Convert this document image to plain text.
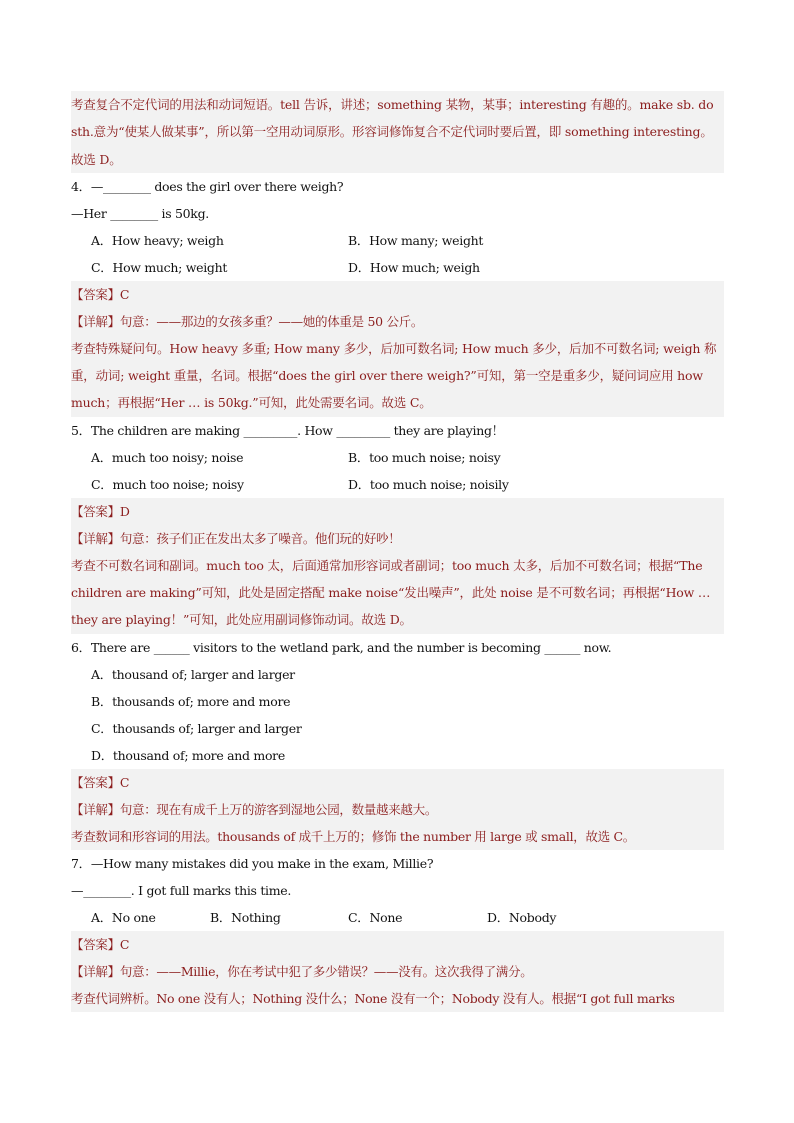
考查复合不定代词的用法和动词短语。tell 告诉，讲述；something 某物，某事；interesting 有趣的。make sb. do sth.意为“使某人做某事”，所以第一空用动词原形。形容词修饰复合不定代词时要后置，即 something interesting。故选 D。
4．—________ does the girl over there weigh?
—Her ________ is 50kg.
A．How heavy; weigh	B．How many; weight
C．How much; weight	D．How much; weigh
【答案】C
【详解】句意：——那边的女孩多重？——她的体重是 50 公斤。
考查特殊疑问句。How heavy 多重; How many 多少，后加可数名词; How much 多少，后加不可数名词; weigh 称重，动词; weight 重量，名词。根据“does the girl over there weigh?”可知，第一空是重多少，疑问词应用 how much；再根据“Her … is 50kg.”可知，此处需要名词。故选 C。
5．The children are making _________. How _________ they are playing！
A．much too noisy; noise	B．too much noise; noisy
C．much too noise; noisy	D．too much noise; noisily
【答案】D
【详解】句意：孩子们正在发出太多了噪音。他们玩的好吵！
考查不可数名词和副词。much too 太，后面通常加形容词或者副词；too much 太多，后加不可数名词；根据“The children are making”可知，此处是固定搭配 make noise“发出噪声”，此处 noise 是不可数名词；再根据“How … they are playing！”可知，此处应用副词修饰动词。故选 D。
6．There are ______ visitors to the wetland park, and the number is becoming ______ now.
A．thousand of; larger and larger
B．thousands of; more and more
C．thousands of; larger and larger
D．thousand of; more and more
【答案】C
【详解】句意：现在有成千上万的游客到湿地公园，数量越来越大。
考查数词和形容词的用法。thousands of 成千上万的；修饰 the number 用 large 或 small，故选 C。
7．—How many mistakes did you make in the exam, Millie?
—________. I got full marks this time.
A．No one	B．Nothing	C．None	D．Nobody
【答案】C
【详解】句意：——Millie，你在考试中犯了多少错误？——没有。这次我得了满分。
考查代词辨析。No one 没有人；Nothing 没什么；None 没有一个；Nobody 没有人。根据“I got full marks
